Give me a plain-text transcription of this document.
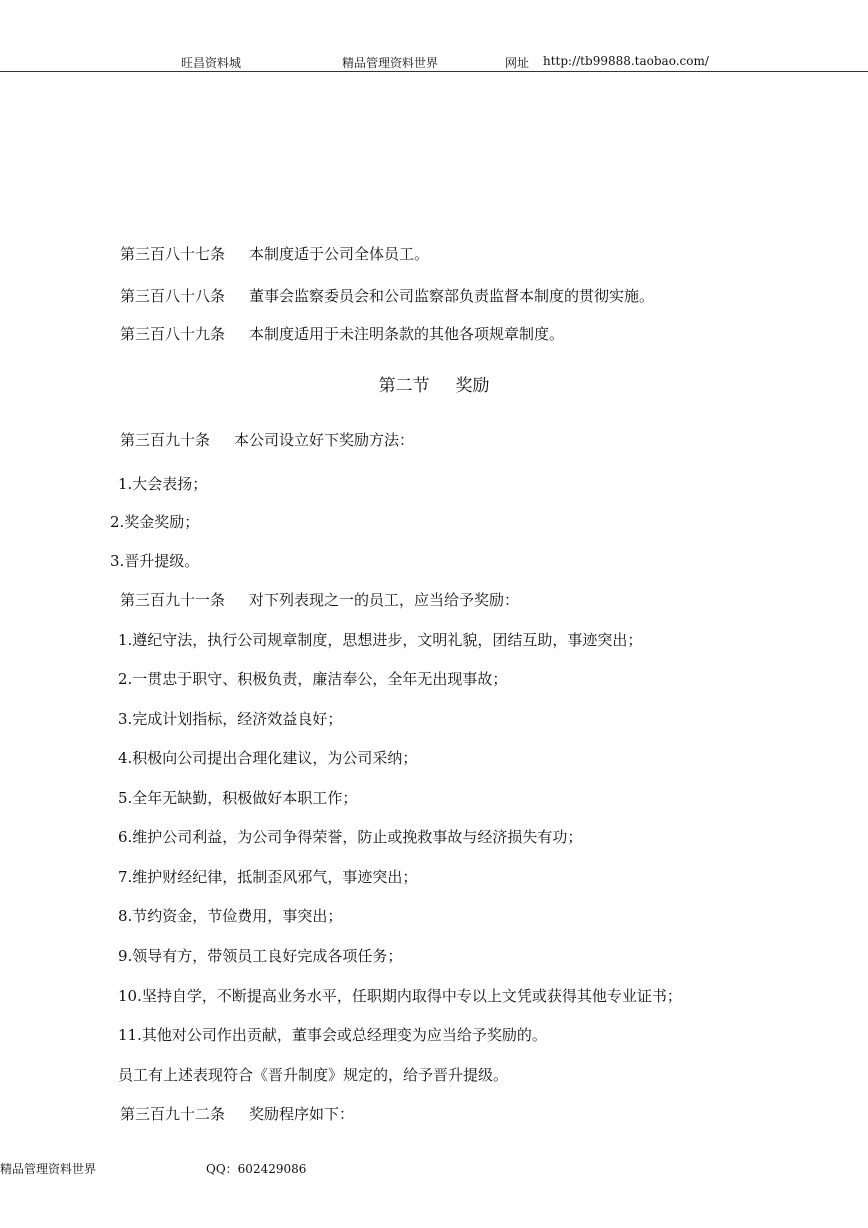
旺昌资料城	精品管理资料世界	网址 http://tb99888.taobao.com/
第三百八十七条 本制度适于公司全体员工。
第三百八十八条 董事会监察委员会和公司监察部负责监督本制度的贯彻实施。
第三百八十九条 本制度适用于未注明条款的其他各项规章制度。
第二节 奖励
第三百九十条 本公司设立好下奖励方法：
1.大会表扬；
2.奖金奖励；
3.晋升提级。
第三百九十一条 对下列表现之一的员工，应当给予奖励：
1.遵纪守法，执行公司规章制度，思想进步，文明礼貌，团结互助，事迹突出；
2.一贯忠于职守、积极负责，廉洁奉公，全年无出现事故；
3.完成计划指标，经济效益良好；
4.积极向公司提出合理化建议，为公司采纳；
5.全年无缺勤，积极做好本职工作；
6.维护公司利益，为公司争得荣誉，防止或挽救事故与经济损失有功；
7.维护财经纪律，抵制歪风邪气，事迹突出；
8.节约资金，节俭费用，事突出；
9.领导有方，带领员工良好完成各项任务；
10.坚持自学，不断提高业务水平，任职期内取得中专以上文凭或获得其他专业证书；
11.其他对公司作出贡献，董事会或总经理变为应当给予奖励的。
员工有上述表现符合《晋升制度》规定的，给予晋升提级。
第三百九十二条 奖励程序如下：
精品管理资料世界	QQ：602429086
